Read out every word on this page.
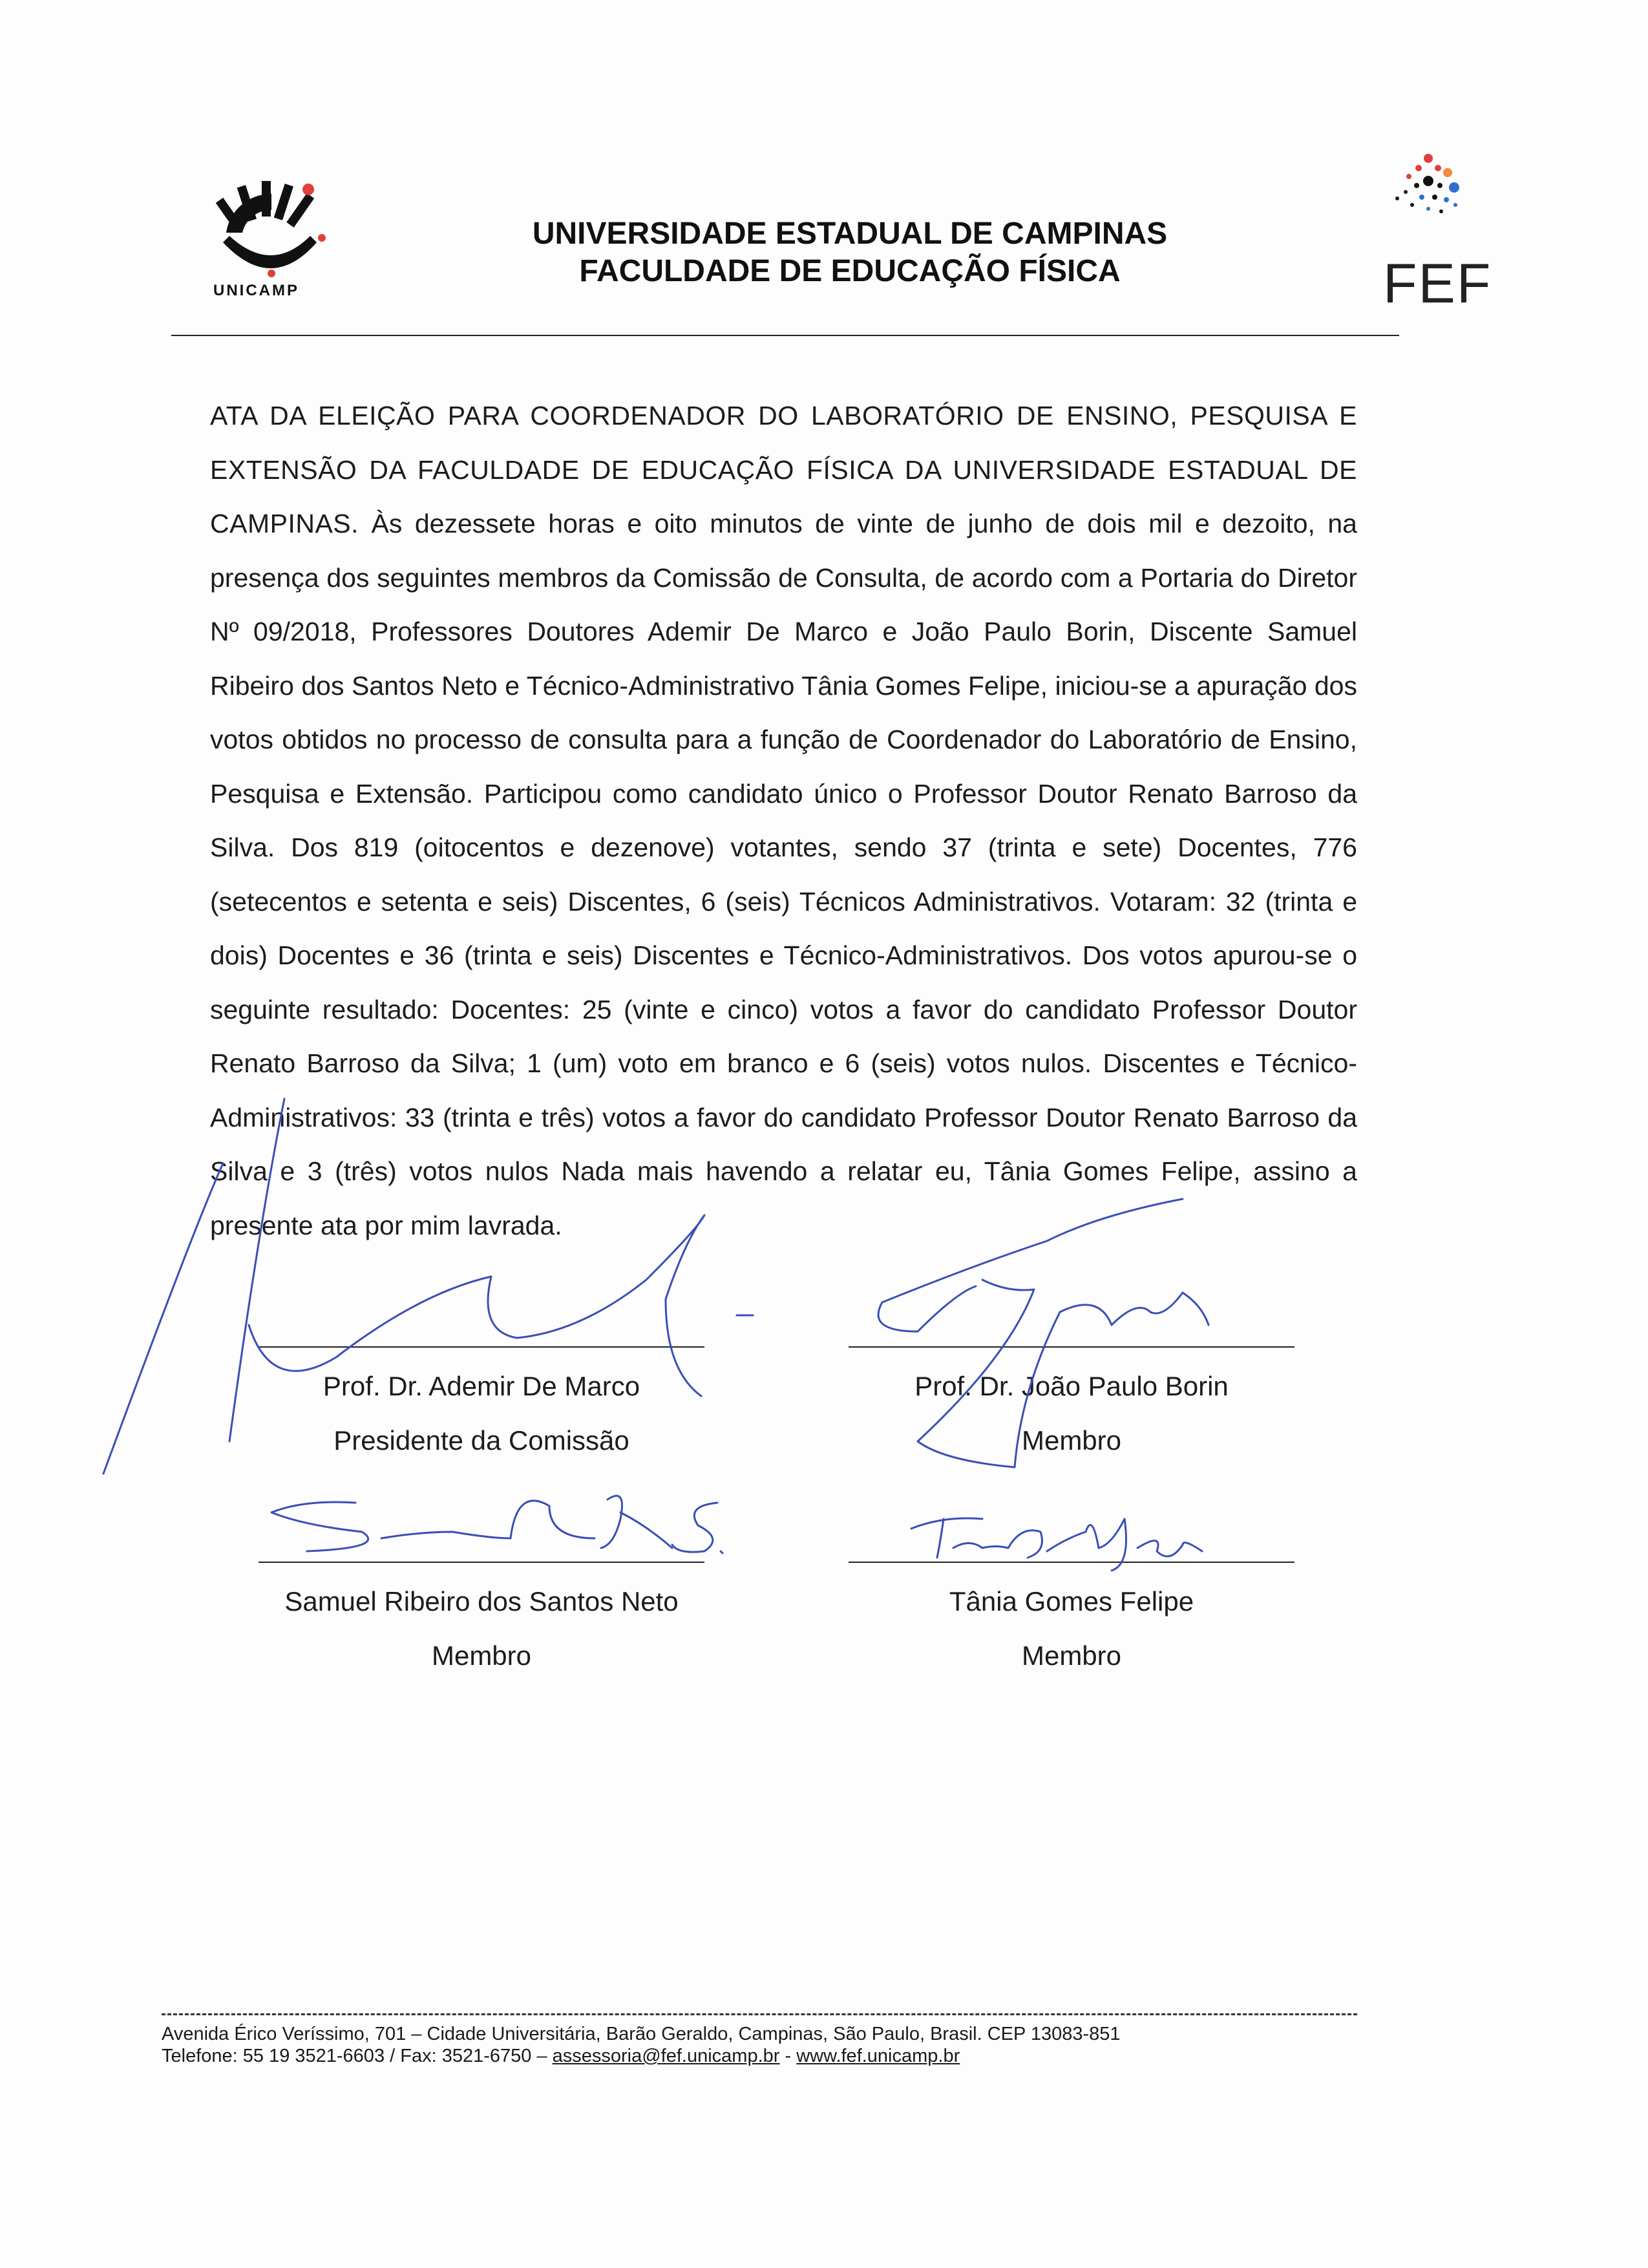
UNICAMP
UNIVERSIDADE ESTADUAL DE CAMPINAS
FACULDADE DE EDUCAÇÃO FÍSICA	FEF
ATA DA ELEIÇÃO PARA COORDENADOR DO LABORATÓRIO DE ENSINO, PESQUISA E EXTENSÃO DA FACULDADE DE EDUCAÇÃO FÍSICA DA UNIVERSIDADE ESTADUAL DE CAMPINAS. Às dezessete horas e oito minutos de vinte de junho de dois mil e dezoito, na presença dos seguintes membros da Comissão de Consulta, de acordo com a Portaria do Diretor Nº 09/2018, Professores Doutores Ademir De Marco e João Paulo Borin, Discente Samuel Ribeiro dos Santos Neto e Técnico-Administrativo Tânia Gomes Felipe, iniciou-se a apuração dos votos obtidos no processo de consulta para a função de Coordenador do Laboratório de Ensino, Pesquisa e Extensão. Participou como candidato único o Professor Doutor Renato Barroso da Silva. Dos 819 (oitocentos e dezenove) votantes, sendo 37 (trinta e sete) Docentes, 776 (setecentos e setenta e seis) Discentes, 6 (seis) Técnicos Administrativos. Votaram: 32 (trinta e dois) Docentes e 36 (trinta e seis) Discentes e Técnico-Administrativos. Dos votos apurou-se o seguinte resultado: Docentes: 25 (vinte e cinco) votos a favor do candidato Professor Doutor Renato Barroso da Silva; 1 (um) voto em branco e 6 (seis) votos nulos. Discentes e Técnico-Administrativos: 33 (trinta e três) votos a favor do candidato Professor Doutor Renato Barroso da Silva e 3 (três) votos nulos Nada mais havendo a relatar eu, Tânia Gomes Felipe, assino a presente ata por mim lavrada.
Prof. Dr. Ademir De Marco
Presidente da Comissão
Prof. Dr. João Paulo Borin
Membro
Samuel Ribeiro dos Santos Neto
Membro
Tânia Gomes Felipe
Membro
Avenida Érico Veríssimo, 701 – Cidade Universitária, Barão Geraldo, Campinas, São Paulo, Brasil. CEP 13083-851
Telefone: 55 19 3521-6603 / Fax: 3521-6750 – assessoria@fef.unicamp.br - www.fef.unicamp.br
